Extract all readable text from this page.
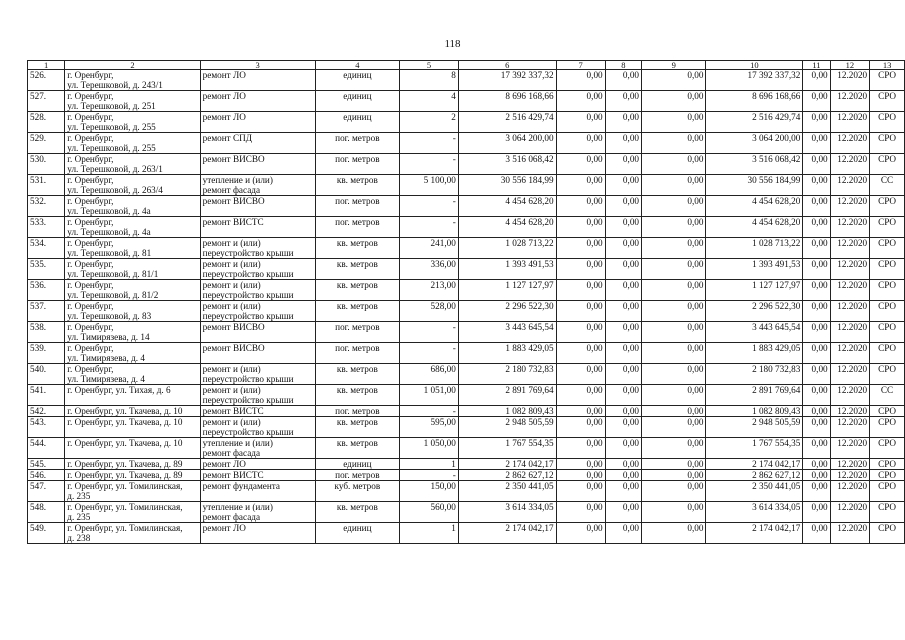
118
1	2	3	4	5	6	7	8	9	10	11	12	13
526.	г. Оренбург,
ул. Терешковой, д. 243/1	ремонт ЛО	единиц	8	17 392 337,32	0,00	0,00	0,00	17 392 337,32	0,00	12.2020	СРО
527.	г. Оренбург,
ул. Терешковой, д. 251	ремонт ЛО	единиц	4	8 696 168,66	0,00	0,00	0,00	8 696 168,66	0,00	12.2020	СРО
528.	г. Оренбург,
ул. Терешковой, д. 255	ремонт ЛО	единиц	2	2 516 429,74	0,00	0,00	0,00	2 516 429,74	0,00	12.2020	СРО
529.	г. Оренбург,
ул. Терешковой, д. 255	ремонт СПД	пог. метров	-	3 064 200,00	0,00	0,00	0,00	3 064 200,00	0,00	12.2020	СРО
530.	г. Оренбург,
ул. Терешковой, д. 263/1	ремонт ВИСВО	пог. метров	-	3 516 068,42	0,00	0,00	0,00	3 516 068,42	0,00	12.2020	СРО
531.	г. Оренбург,
ул. Терешковой, д. 263/4	утепление и (или)
ремонт фасада	кв. метров	5 100,00	30 556 184,99	0,00	0,00	0,00	30 556 184,99	0,00	12.2020	СС
532.	г. Оренбург,
ул. Терешковой, д. 4а	ремонт ВИСВО	пог. метров	-	4 454 628,20	0,00	0,00	0,00	4 454 628,20	0,00	12.2020	СРО
533.	г. Оренбург,
ул. Терешковой, д. 4а	ремонт ВИСТС	пог. метров	-	4 454 628,20	0,00	0,00	0,00	4 454 628,20	0,00	12.2020	СРО
534.	г. Оренбург,
ул. Терешковой, д. 81	ремонт и (или)
переустройство крыши	кв. метров	241,00	1 028 713,22	0,00	0,00	0,00	1 028 713,22	0,00	12.2020	СРО
535.	г. Оренбург,
ул. Терешковой, д. 81/1	ремонт и (или)
переустройство крыши	кв. метров	336,00	1 393 491,53	0,00	0,00	0,00	1 393 491,53	0,00	12.2020	СРО
536.	г. Оренбург,
ул. Терешковой, д. 81/2	ремонт и (или)
переустройство крыши	кв. метров	213,00	1 127 127,97	0,00	0,00	0,00	1 127 127,97	0,00	12.2020	СРО
537.	г. Оренбург,
ул. Терешковой, д. 83	ремонт и (или)
переустройство крыши	кв. метров	528,00	2 296 522,30	0,00	0,00	0,00	2 296 522,30	0,00	12.2020	СРО
538.	г. Оренбург,
ул. Тимирязева, д. 14	ремонт ВИСВО	пог. метров	-	3 443 645,54	0,00	0,00	0,00	3 443 645,54	0,00	12.2020	СРО
539.	г. Оренбург,
ул. Тимирязева, д. 4	ремонт ВИСВО	пог. метров	-	1 883 429,05	0,00	0,00	0,00	1 883 429,05	0,00	12.2020	СРО
540.	г. Оренбург,
ул. Тимирязева, д. 4	ремонт и (или)
переустройство крыши	кв. метров	686,00	2 180 732,83	0,00	0,00	0,00	2 180 732,83	0,00	12.2020	СРО
541.	г. Оренбург, ул. Тихая, д. 6	ремонт и (или)
переустройство крыши	кв. метров	1 051,00	2 891 769,64	0,00	0,00	0,00	2 891 769,64	0,00	12.2020	СС
542.	г. Оренбург, ул. Ткачева, д. 10	ремонт ВИСТС	пог. метров	-	1 082 809,43	0,00	0,00	0,00	1 082 809,43	0,00	12.2020	СРО
543.	г. Оренбург, ул. Ткачева, д. 10	ремонт и (или)
переустройство крыши	кв. метров	595,00	2 948 505,59	0,00	0,00	0,00	2 948 505,59	0,00	12.2020	СРО
544.	г. Оренбург, ул. Ткачева, д. 10	утепление и (или)
ремонт фасада	кв. метров	1 050,00	1 767 554,35	0,00	0,00	0,00	1 767 554,35	0,00	12.2020	СРО
545.	г. Оренбург, ул. Ткачева, д. 89	ремонт ЛО	единиц	1	2 174 042,17	0,00	0,00	0,00	2 174 042,17	0,00	12.2020	СРО
546.	г. Оренбург, ул. Ткачева, д. 89	ремонт ВИСТС	пог. метров	-	2 862 627,12	0,00	0,00	0,00	2 862 627,12	0,00	12.2020	СРО
547.	г. Оренбург, ул. Томилинская,
д. 235	ремонт фундамента	куб. метров	150,00	2 350 441,05	0,00	0,00	0,00	2 350 441,05	0,00	12.2020	СРО
548.	г. Оренбург, ул. Томилинская,
д. 235	утепление и (или)
ремонт фасада	кв. метров	560,00	3 614 334,05	0,00	0,00	0,00	3 614 334,05	0,00	12.2020	СРО
549.	г. Оренбург, ул. Томилинская,
д. 238	ремонт ЛО	единиц	1	2 174 042,17	0,00	0,00	0,00	2 174 042,17	0,00	12.2020	СРО
